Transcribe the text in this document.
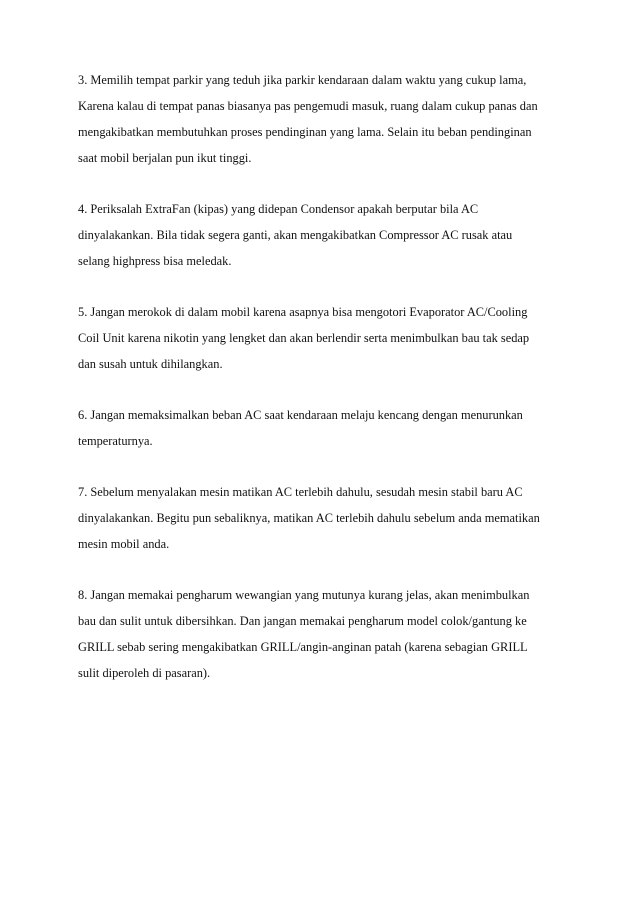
3. Memilih tempat parkir yang teduh jika parkir kendaraan dalam waktu yang cukup lama,
Karena kalau di tempat panas biasanya pas pengemudi masuk, ruang dalam cukup panas dan
mengakibatkan membutuhkan proses pendinginan yang lama. Selain itu beban pendinginan
saat mobil berjalan pun ikut tinggi.

4. Periksalah ExtraFan (kipas) yang didepan Condensor apakah berputar bila AC
dinyalakankan. Bila tidak segera ganti, akan mengakibatkan Compressor AC rusak atau
selang highpress bisa meledak.

5. Jangan merokok di dalam mobil karena asapnya bisa mengotori Evaporator AC/Cooling
Coil Unit karena nikotin yang lengket dan akan berlendir serta menimbulkan bau tak sedap
dan susah untuk dihilangkan.

6. Jangan memaksimalkan beban AC saat kendaraan melaju kencang dengan menurunkan
temperaturnya.

7. Sebelum menyalakan mesin matikan AC terlebih dahulu, sesudah mesin stabil baru AC
dinyalakankan. Begitu pun sebaliknya, matikan AC terlebih dahulu sebelum anda mematikan
mesin mobil anda.

8. Jangan memakai pengharum wewangian yang mutunya kurang jelas, akan menimbulkan
bau dan sulit untuk dibersihkan. Dan jangan memakai pengharum model colok/gantung ke
GRILL sebab sering mengakibatkan GRILL/angin-anginan patah (karena sebagian GRILL
sulit diperoleh di pasaran).
